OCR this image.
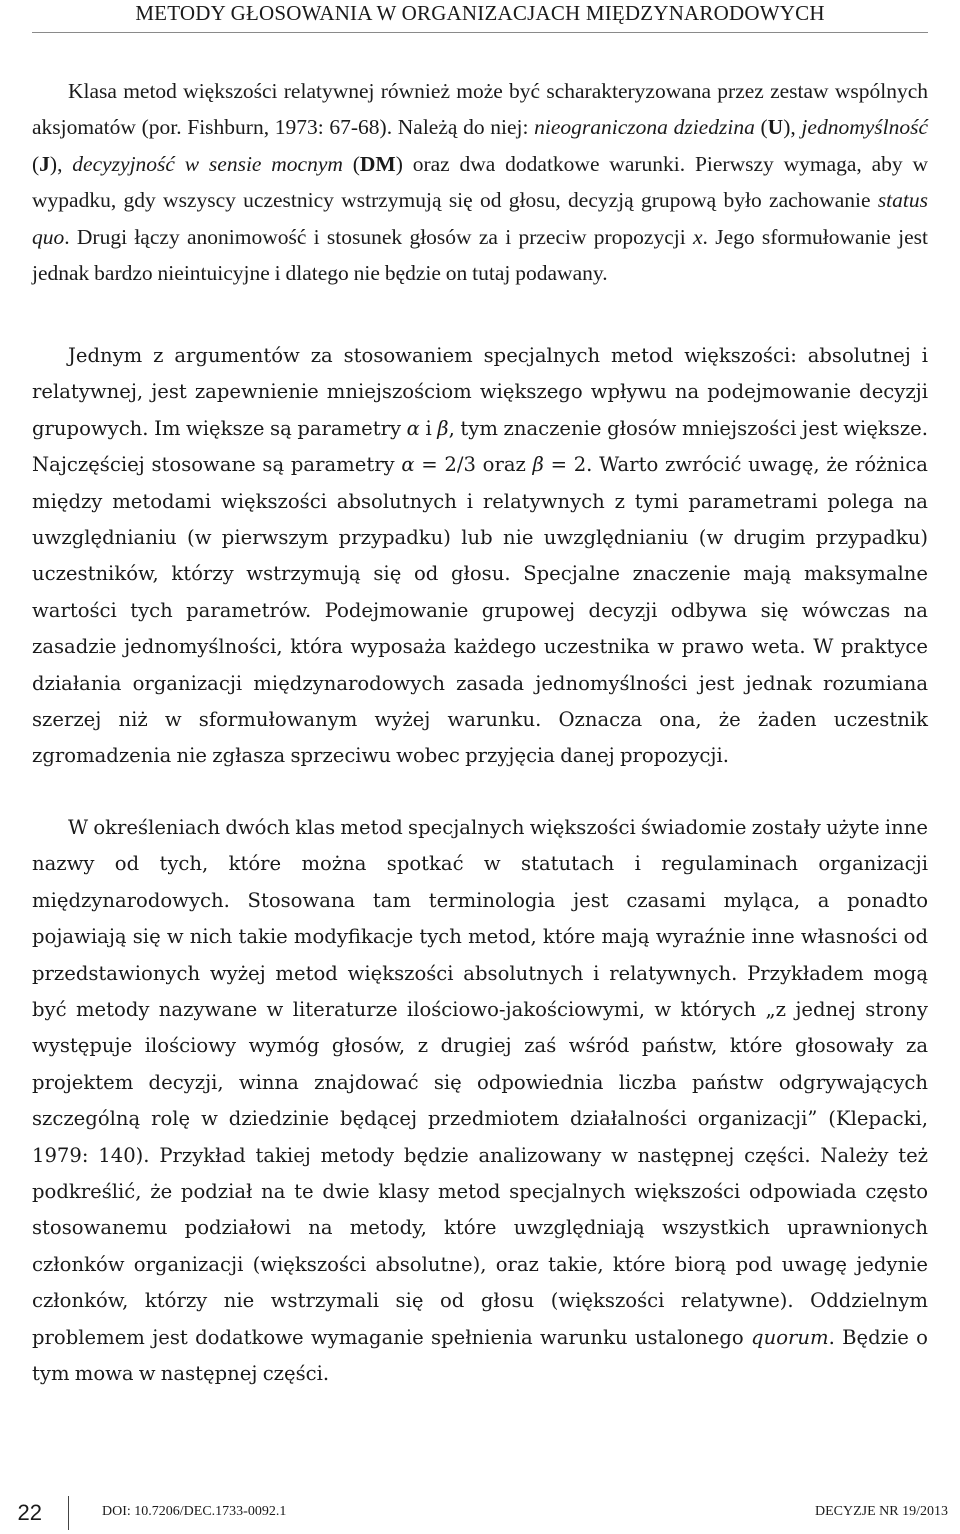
METODY GŁOSOWANIA W ORGANIZACJACH MIĘDZYNARODOWYCH

Klasa metod większości relatywnej również może być scharakteryzowana przez zestaw wspólnych aksjomatów (por. Fishburn, 1973: 67-68). Należą do niej: nieograniczona dziedzina (U), jednomyślność (J), decyzyjność w sensie mocnym (DM) oraz dwa dodatkowe warunki. Pierwszy wymaga, aby w wypadku, gdy wszyscy uczestnicy wstrzymują się od głosu, decyzją grupową było zachowanie status quo. Drugi łączy anonimowość i stosunek głosów za i przeciw propozycji x. Jego sformułowanie jest jednak bardzo nieintuicyjne i dlatego nie będzie on tutaj podawany.

Jednym z argumentów za stosowaniem specjalnych metod większości: absolutnej i relatywnej, jest zapewnienie mniejszościom większego wpływu na podejmowanie decyzji grupowych. Im większe są parametry α i β, tym znaczenie głosów mniejszości jest większe. Najczęściej stosowane są parametry α = 2/3 oraz β = 2. Warto zwrócić uwagę, że różnica między metodami większości absolutnych i relatywnych z tymi parametrami polega na uwzględnianiu (w pierwszym przypadku) lub nie uwzględnianiu (w drugim przypadku) uczestników, którzy wstrzymują się od głosu. Specjalne znaczenie mają maksymalne wartości tych parametrów. Podejmowanie grupowej decyzji odbywa się wówczas na zasadzie jednomyślności, która wyposaża każdego uczestnika w prawo weta. W praktyce działania organizacji międzynarodowych zasada jednomyślności jest jednak rozumiana szerzej niż w sformułowanym wyżej warunku. Oznacza ona, że żaden uczestnik zgromadzenia nie zgłasza sprzeciwu wobec przyjęcia danej propozycji.

W określeniach dwóch klas metod specjalnych większości świadomie zostały użyte inne nazwy od tych, które można spotkać w statutach i regulaminach organizacji międzynarodowych. Stosowana tam terminologia jest czasami myląca, a ponadto pojawiają się w nich takie modyfikacje tych metod, które mają wyraźnie inne własności od przedstawionych wyżej metod większości absolutnych i relatywnych. Przykładem mogą być metody nazywane w literaturze ilościowo-jakościowymi, w których „z jednej strony występuje ilościowy wymóg głosów, z drugiej zaś wśród państw, które głosowały za projektem decyzji, winna znajdować się odpowiednia liczba państw odgrywających szczególną rolę w dziedzinie będącej przedmiotem działalności organizacji” (Klepacki, 1979: 140). Przykład takiej metody będzie analizowany w następnej części. Należy też podkreślić, że podział na te dwie klasy metod specjalnych większości odpowiada często stosowanemu podziałowi na metody, które uwzględniają wszystkich uprawnionych członków organizacji (większości absolutne), oraz takie, które biorą pod uwagę jedynie członków, którzy nie wstrzymali się od głosu (większości relatywne). Oddzielnym problemem jest dodatkowe wymaganie spełnienia warunku ustalonego quorum. Będzie o tym mowa w następnej części.

22	DOI: 10.7206/DEC.1733-0092.1	DECYZJE NR 19/2013
